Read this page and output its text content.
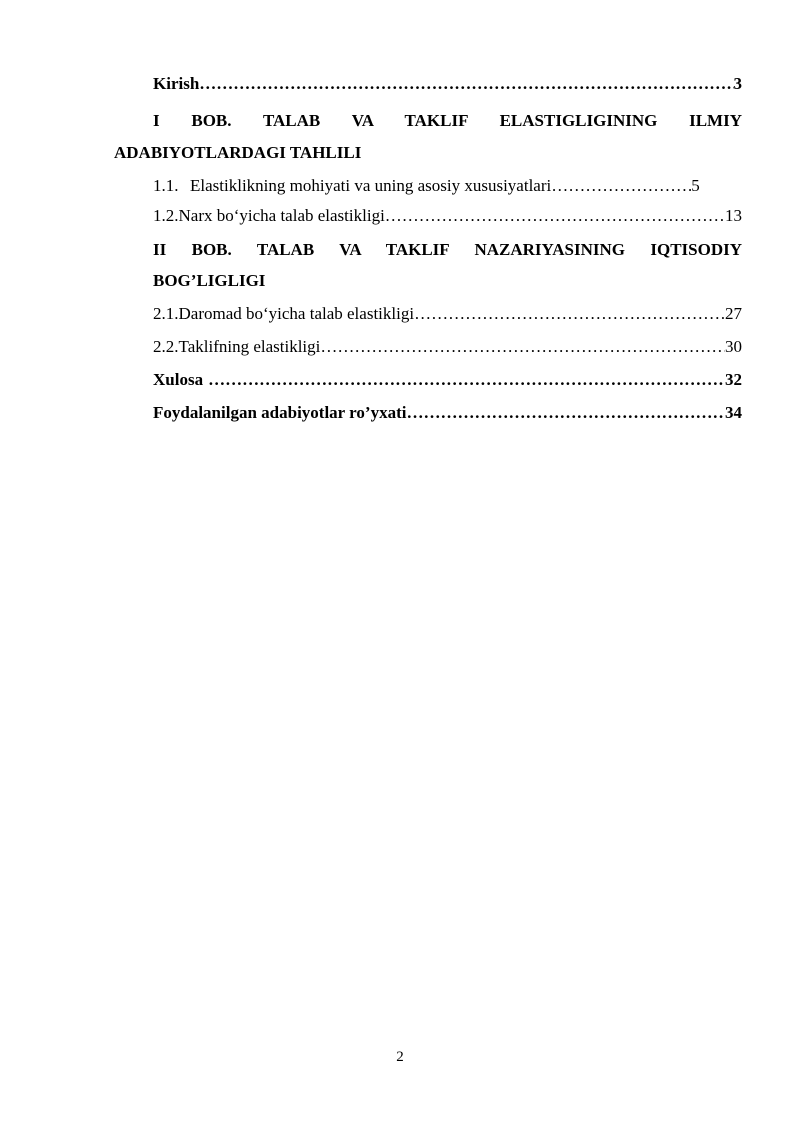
Kirish …………………………………………………………………………………………………………………………………………………………………	3
I BOB. TALAB VA TAKLIF ELASTIGLIGINING ILMIY
ADABIYOTLARDAGI TAHLILI
1.1. Elastiklikning mohiyati va uning asosiy xususiyatlari …………………………………………………………………………………………………………………………………………………………………	5
1.2. Narx bo‘yicha talab elastikligi …………………………………………………………………………………………………………………………………………………………………	13
II BOB. TALAB VA TAKLIF NAZARIYASINING IQTISODIY
BOG’LIGLIGI
2.1. Daromad bo‘yicha talab elastikligi …………………………………………………………………………………………………………………………………………………………………	27
2.2. Taklifning elastikligi …………………………………………………………………………………………………………………………………………………………………	30
Xulosa …………………………………………………………………………………………………………………………………………………………………	32
Foydalanilgan adabiyotlar ro’yxati …………………………………………………………………………………………………………………………………………………………………	34
2
